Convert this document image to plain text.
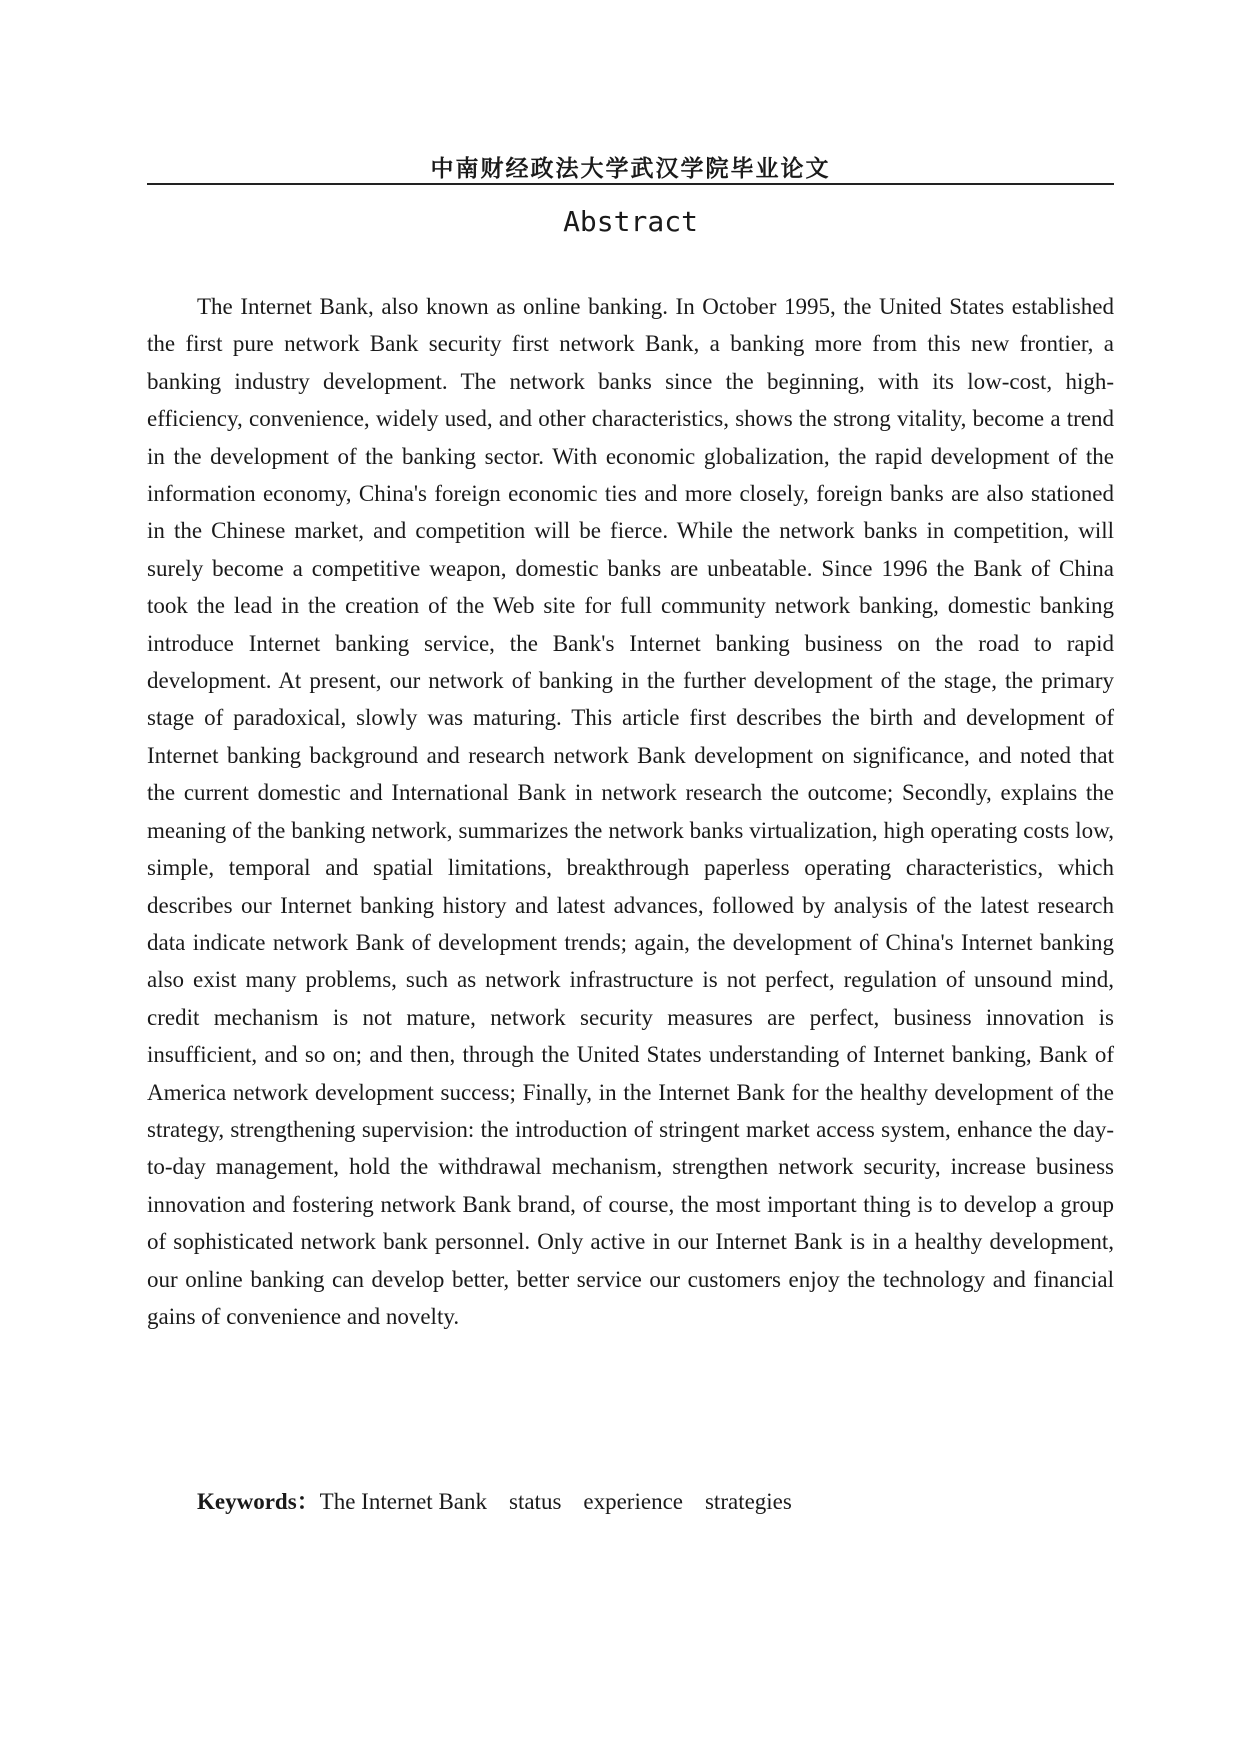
中南财经政法大学武汉学院毕业论文
Abstract

The Internet Bank, also known as online banking. In October 1995, the United States established the first pure network Bank security first network Bank, a banking more from this new frontier, a banking industry development. The network banks since the beginning, with its low-cost, high-efficiency, convenience, widely used, and other characteristics, shows the strong vitality, become a trend in the development of the banking sector. With economic globalization, the rapid development of the information economy, China's foreign economic ties and more closely, foreign banks are also stationed in the Chinese market, and competition will be fierce. While the network banks in competition, will surely become a competitive weapon, domestic banks are unbeatable. Since 1996 the Bank of China took the lead in the creation of the Web site for full community network banking, domestic banking introduce Internet banking service, the Bank's Internet banking business on the road to rapid development. At present, our network of banking in the further development of the stage, the primary stage of paradoxical, slowly was maturing. This article first describes the birth and development of Internet banking background and research network Bank development on significance, and noted that the current domestic and International Bank in network research the outcome; Secondly, explains the meaning of the banking network, summarizes the network banks virtualization, high operating costs low, simple, temporal and spatial limitations, breakthrough paperless operating characteristics, which describes our Internet banking history and latest advances, followed by analysis of the latest research data indicate network Bank of development trends; again, the development of China's Internet banking also exist many problems, such as network infrastructure is not perfect, regulation of unsound mind, credit mechanism is not mature, network security measures are perfect, business innovation is insufficient, and so on; and then, through the United States understanding of Internet banking, Bank of America network development success; Finally, in the Internet Bank for the healthy development of the strategy, strengthening supervision: the introduction of stringent market access system, enhance the day-to-day management, hold the withdrawal mechanism, strengthen network security, increase business innovation and fostering network Bank brand, of course, the most important thing is to develop a group of sophisticated network bank personnel. Only active in our Internet Bank is in a healthy development, our online banking can develop better, better service our customers enjoy the technology and financial gains of convenience and novelty.

Keywords：The Internet Bank status experience strategies
